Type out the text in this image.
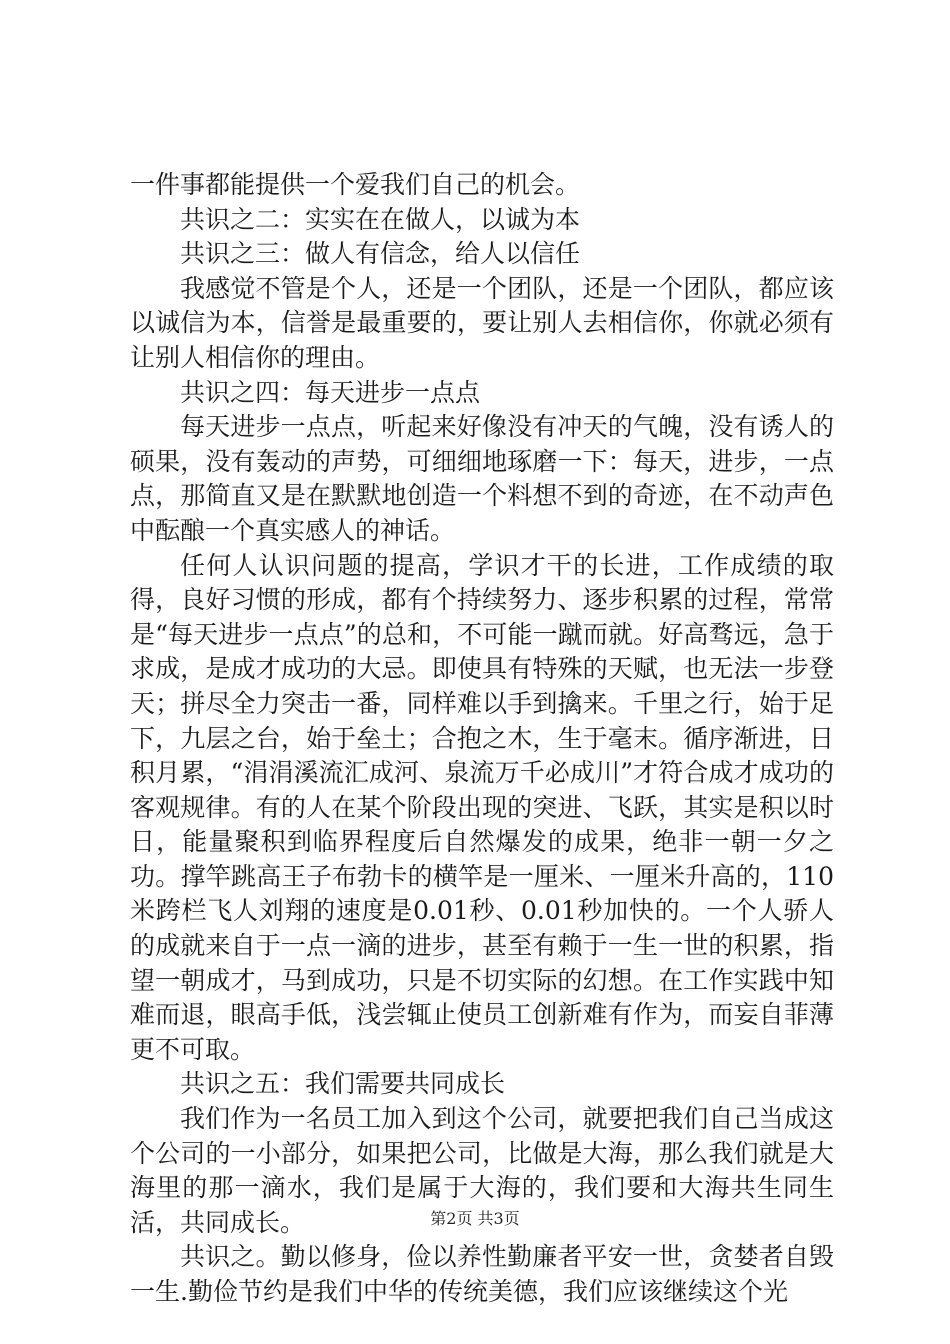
一件事都能提供一个爱我们自己的机会。

共识之二：实实在在做人，以诚为本

共识之三：做人有信念，给人以信任

我感觉不管是个人，还是一个团队，还是一个团队，都应该以诚信为本，信誉是最重要的，要让别人去相信你，你就必须有让别人相信你的理由。

共识之四：每天进步一点点

每天进步一点点，听起来好像没有冲天的气魄，没有诱人的硕果，没有轰动的声势，可细细地琢磨一下：每天，进步，一点点，那简直又是在默默地创造一个料想不到的奇迹，在不动声色中酝酿一个真实感人的神话。

任何人认识问题的提高，学识才干的长进，工作成绩的取得，良好习惯的形成，都有个持续努力、逐步积累的过程，常常是“每天进步一点点”的总和，不可能一蹴而就。好高骛远，急于求成，是成才成功的大忌。即使具有特殊的天赋，也无法一步登天；拼尽全力突击一番，同样难以手到擒来。千里之行，始于足下，九层之台，始于垒土；合抱之木，生于毫末。循序渐进，日积月累，“涓涓溪流汇成河、泉流万千必成川”才符合成才成功的客观规律。有的人在某个阶段出现的突进、飞跃，其实是积以时日，能量聚积到临界程度后自然爆发的成果，绝非一朝一夕之功。撑竿跳高王子布勃卡的横竿是一厘米、一厘米升高的，110米跨栏飞人刘翔的速度是0.01秒、0.01秒加快的。一个人骄人的成就来自于一点一滴的进步，甚至有赖于一生一世的积累，指望一朝成才，马到成功，只是不切实际的幻想。在工作实践中知难而退，眼高手低，浅尝辄止使员工创新难有作为，而妄自菲薄更不可取。

共识之五：我们需要共同成长

我们作为一名员工加入到这个公司，就要把我们自己当成这个公司的一小部分，如果把公司，比做是大海，那么我们就是大海里的那一滴水，我们是属于大海的，我们要和大海共生同生活，共同成长。

共识之。勤以修身，俭以养性勤廉者平安一世，贪婪者自毁一生.勤俭节约是我们中华的传统美德，我们应该继续这个光

第2页 共3页
